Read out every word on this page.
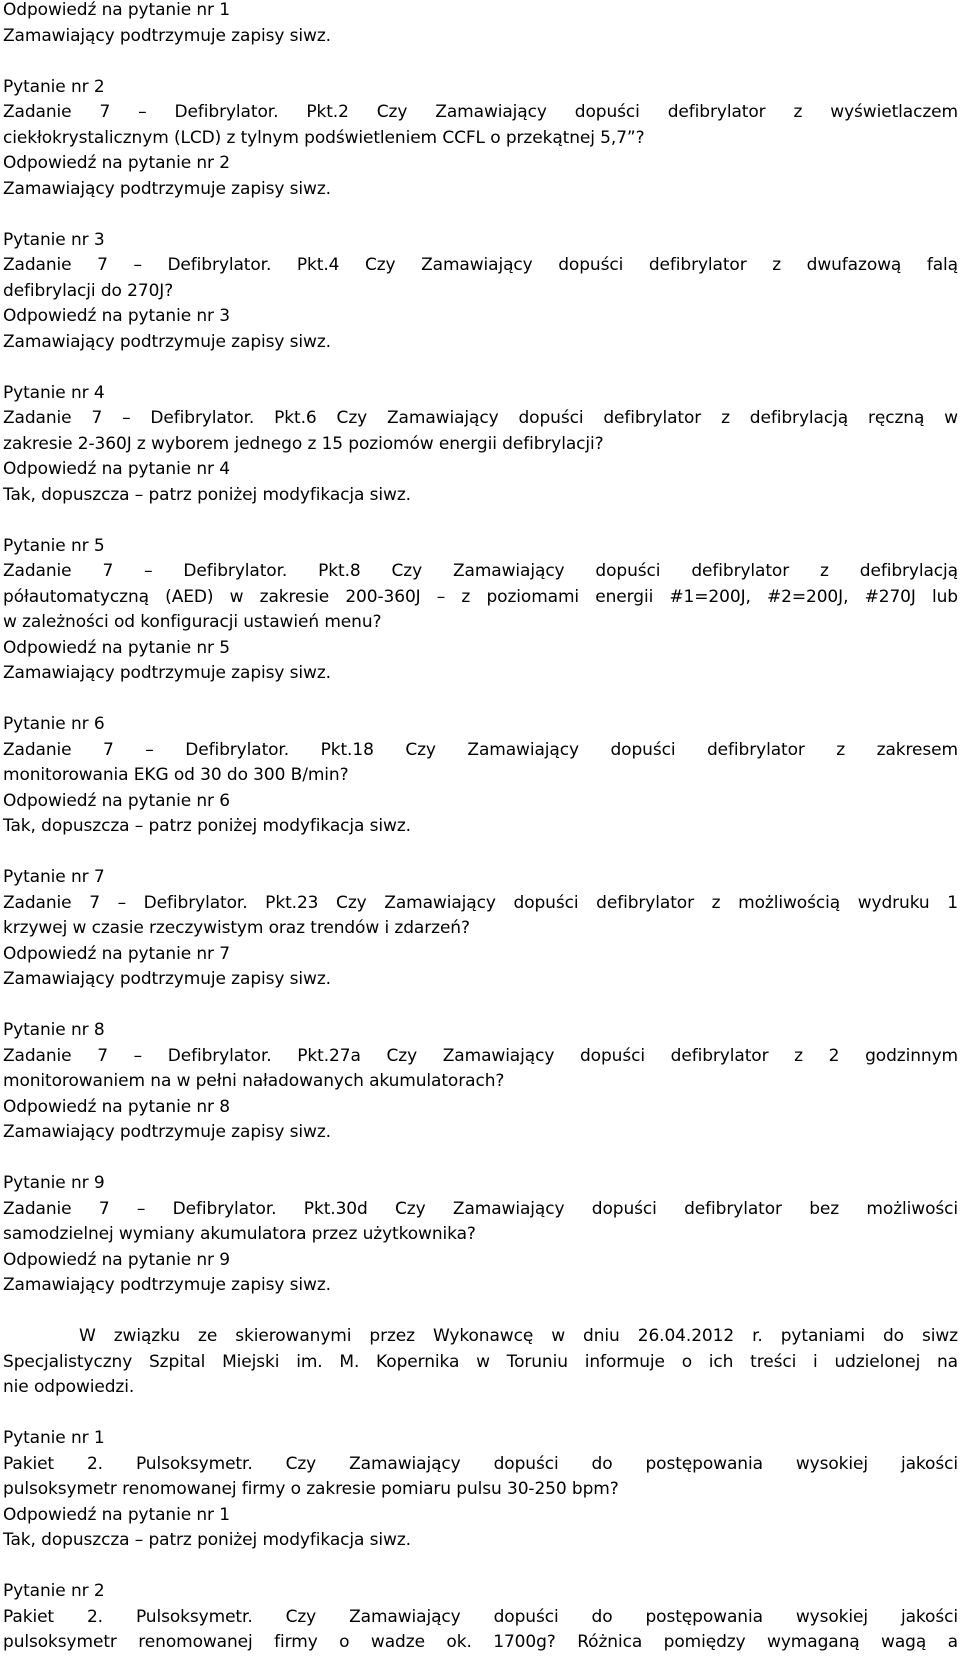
Odpowiedź na pytanie nr 1
Zamawiający podtrzymuje zapisy siwz.
Pytanie nr 2
Zadanie 7 – Defibrylator. Pkt.2 Czy Zamawiający dopuści defibrylator z wyświetlaczem
ciekłokrystalicznym (LCD) z tylnym podświetleniem CCFL o przekątnej 5,7”?
Odpowiedź na pytanie nr 2
Zamawiający podtrzymuje zapisy siwz.
Pytanie nr 3
Zadanie 7 – Defibrylator. Pkt.4 Czy Zamawiający dopuści defibrylator z dwufazową falą
defibrylacji do 270J?
Odpowiedź na pytanie nr 3
Zamawiający podtrzymuje zapisy siwz.
Pytanie nr 4
Zadanie 7 – Defibrylator. Pkt.6 Czy Zamawiający dopuści defibrylator z defibrylacją ręczną w
zakresie 2-360J z wyborem jednego z 15 poziomów energii defibrylacji?
Odpowiedź na pytanie nr 4
Tak, dopuszcza – patrz poniżej modyfikacja siwz.
Pytanie nr 5
Zadanie 7 – Defibrylator. Pkt.8 Czy Zamawiający dopuści defibrylator z defibrylacją
półautomatyczną (AED) w zakresie 200-360J – z poziomami energii #1=200J, #2=200J, #270J lub
w zależności od konfiguracji ustawień menu?
Odpowiedź na pytanie nr 5
Zamawiający podtrzymuje zapisy siwz.
Pytanie nr 6
Zadanie 7 – Defibrylator. Pkt.18 Czy Zamawiający dopuści defibrylator z zakresem
monitorowania EKG od 30 do 300 B/min?
Odpowiedź na pytanie nr 6
Tak, dopuszcza – patrz poniżej modyfikacja siwz.
Pytanie nr 7
Zadanie 7 – Defibrylator. Pkt.23 Czy Zamawiający dopuści defibrylator z możliwością wydruku 1
krzywej w czasie rzeczywistym oraz trendów i zdarzeń?
Odpowiedź na pytanie nr 7
Zamawiający podtrzymuje zapisy siwz.
Pytanie nr 8
Zadanie 7 – Defibrylator. Pkt.27a Czy Zamawiający dopuści defibrylator z 2 godzinnym
monitorowaniem na w pełni naładowanych akumulatorach?
Odpowiedź na pytanie nr 8
Zamawiający podtrzymuje zapisy siwz.
Pytanie nr 9
Zadanie 7 – Defibrylator. Pkt.30d Czy Zamawiający dopuści defibrylator bez możliwości
samodzielnej wymiany akumulatora przez użytkownika?
Odpowiedź na pytanie nr 9
Zamawiający podtrzymuje zapisy siwz.
W związku ze skierowanymi przez Wykonawcę w dniu 26.04.2012 r. pytaniami do siwz
Specjalistyczny Szpital Miejski im. M. Kopernika w Toruniu informuje o ich treści i udzielonej na
nie odpowiedzi.
Pytanie nr 1
Pakiet 2. Pulsoksymetr. Czy Zamawiający dopuści do postępowania wysokiej jakości
pulsoksymetr renomowanej firmy o zakresie pomiaru pulsu 30-250 bpm?
Odpowiedź na pytanie nr 1
Tak, dopuszcza – patrz poniżej modyfikacja siwz.
Pytanie nr 2
Pakiet 2. Pulsoksymetr. Czy Zamawiający dopuści do postępowania wysokiej jakości
pulsoksymetr renomowanej firmy o wadze ok. 1700g? Różnica pomiędzy wymaganą wagą a
